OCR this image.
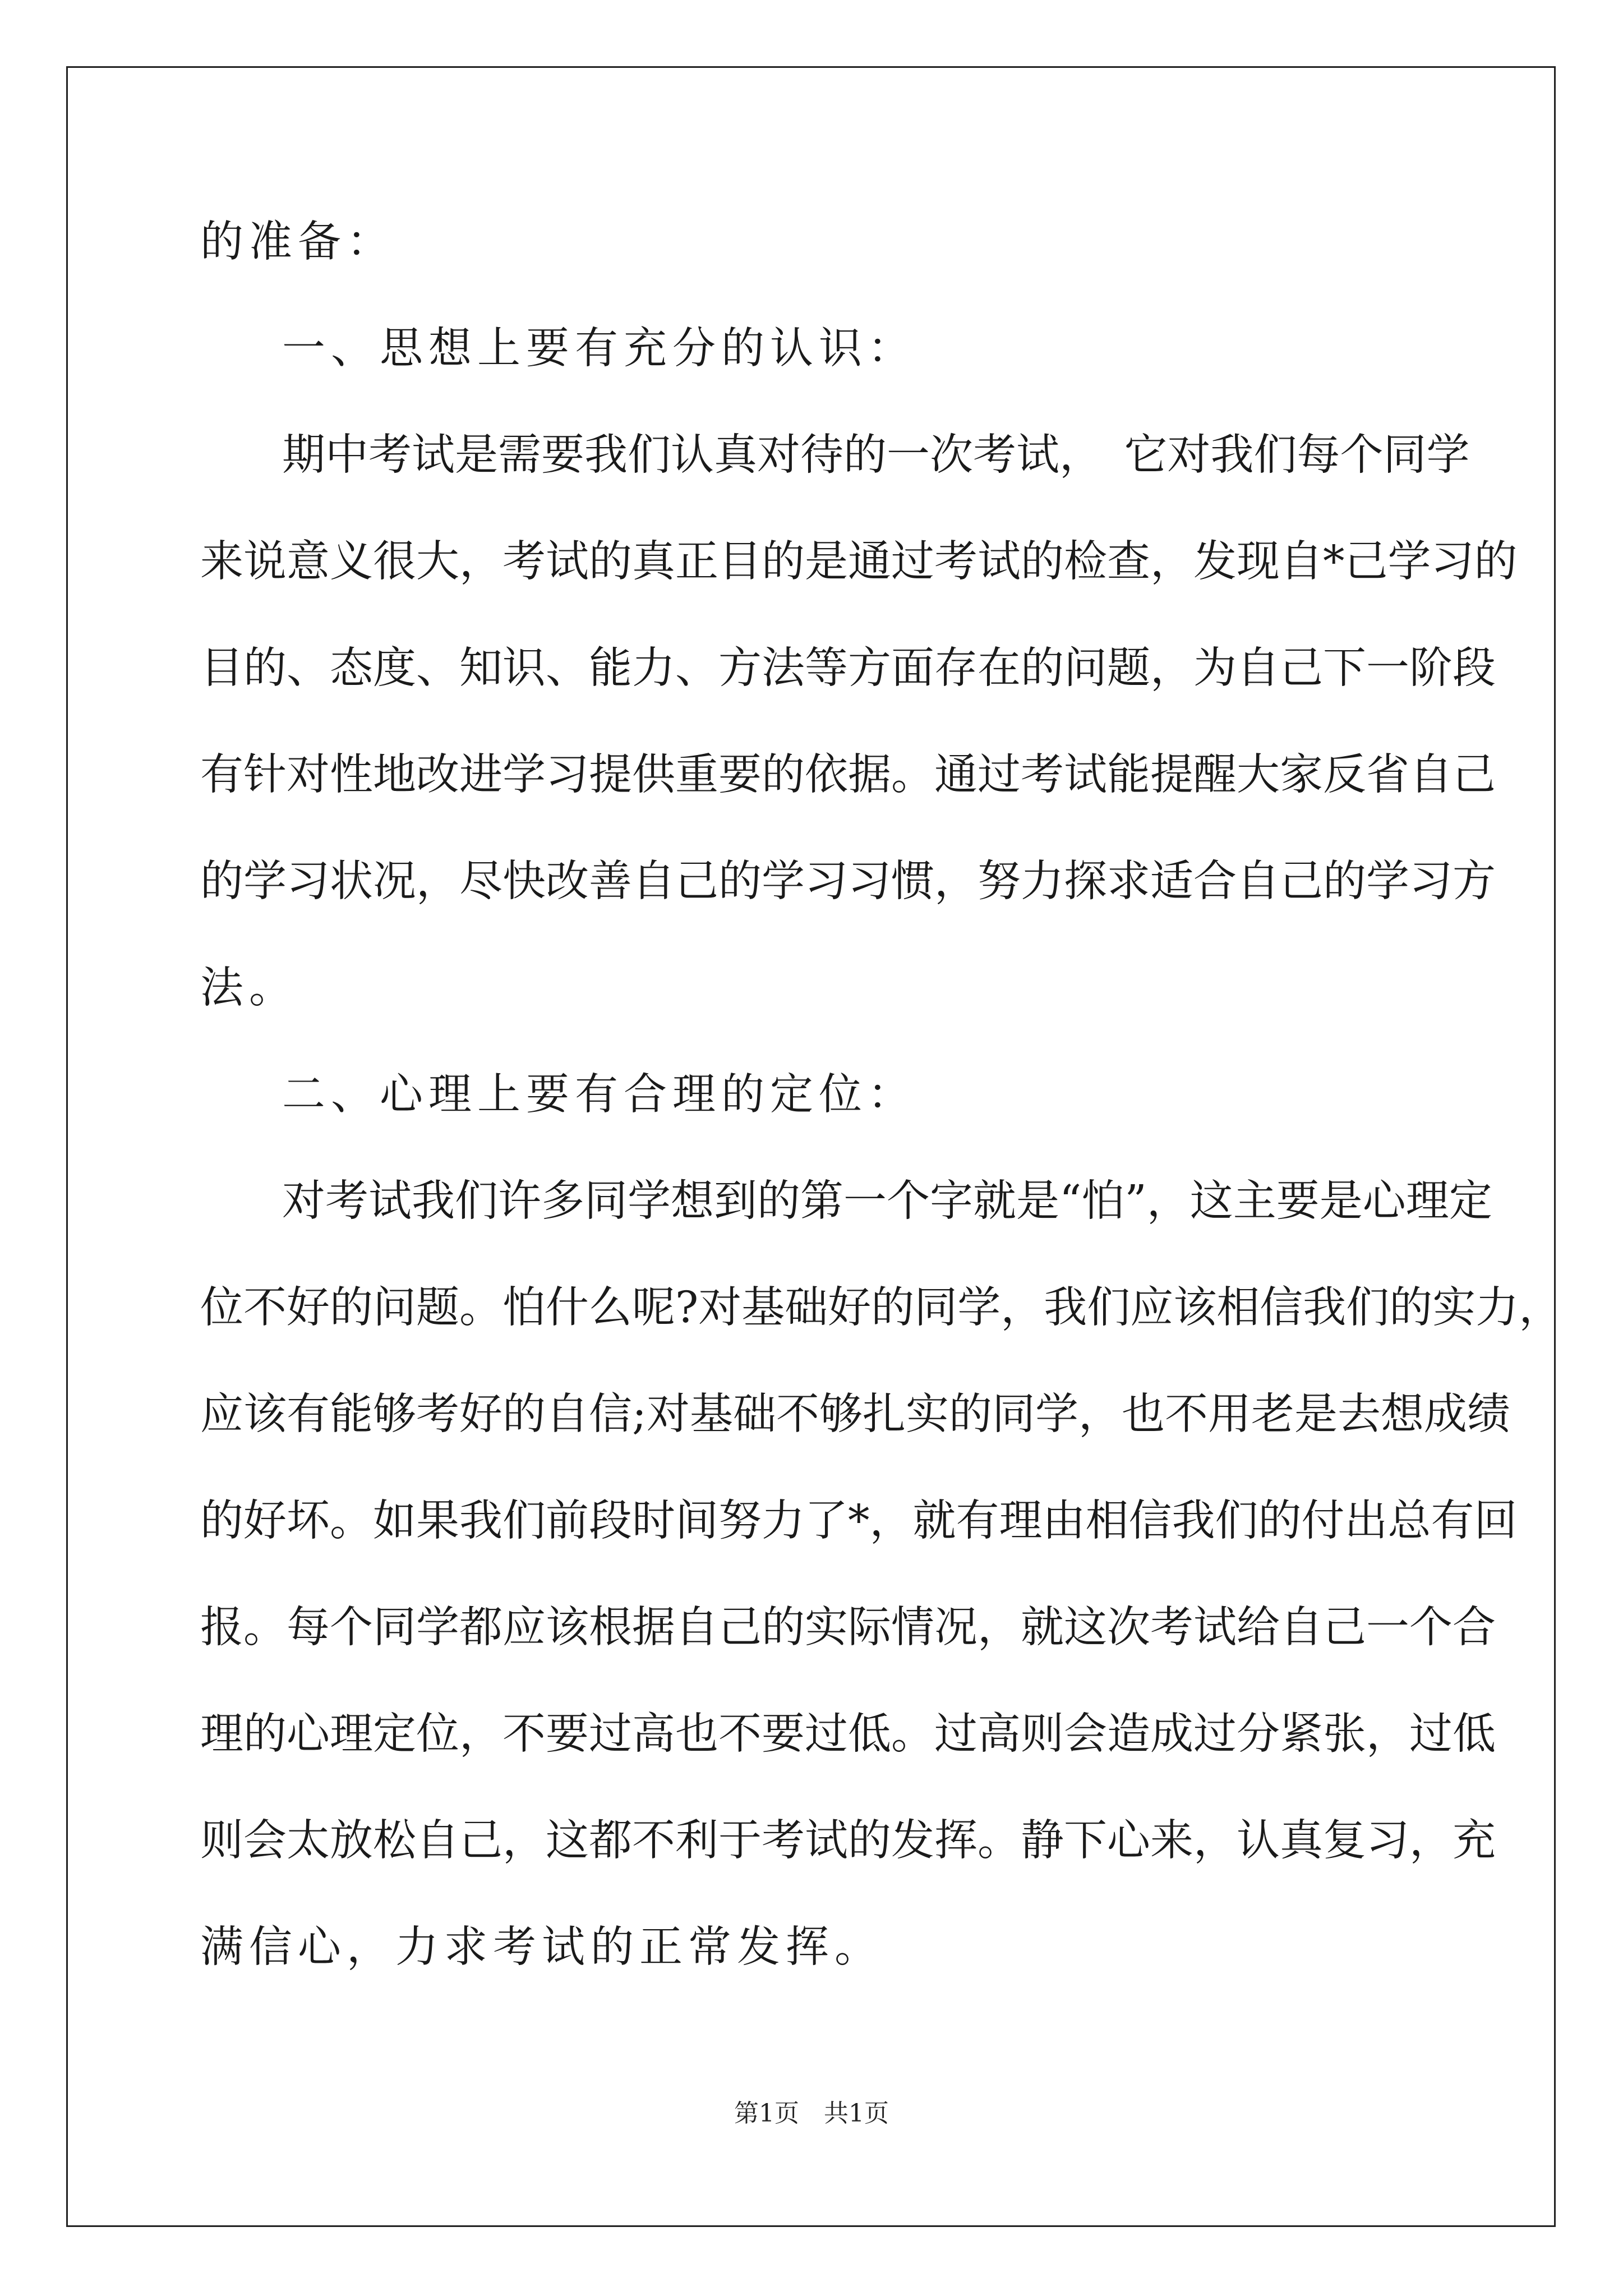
的准备：
一、思想上要有充分的认识：
期中考试是需要我们认真对待的一次考试，　它对我们每个同学
来说意义很大，考试的真正目的是通过考试的检查，发现自*己学习的
目的、态度、知识、能力、方法等方面存在的问题，为自己下一阶段
有针对性地改进学习提供重要的依据。通过考试能提醒大家反省自己
的学习状况，尽快改善自己的学习习惯，努力探求适合自己的学习方
法。
二、心理上要有合理的定位：
对考试我们许多同学想到的第一个字就是“怕”，这主要是心理定
位不好的问题。怕什么呢?对基础好的同学，我们应该相信我们的实力，
应该有能够考好的自信;对基础不够扎实的同学，也不用老是去想成绩
的好坏。如果我们前段时间努力了*，就有理由相信我们的付出总有回
报。每个同学都应该根据自己的实际情况，就这次考试给自己一个合
理的心理定位，不要过高也不要过低。过高则会造成过分紧张，过低
则会太放松自己，这都不利于考试的发挥。静下心来，认真复习，充
满信心，力求考试的正常发挥。
第1页　共1页
